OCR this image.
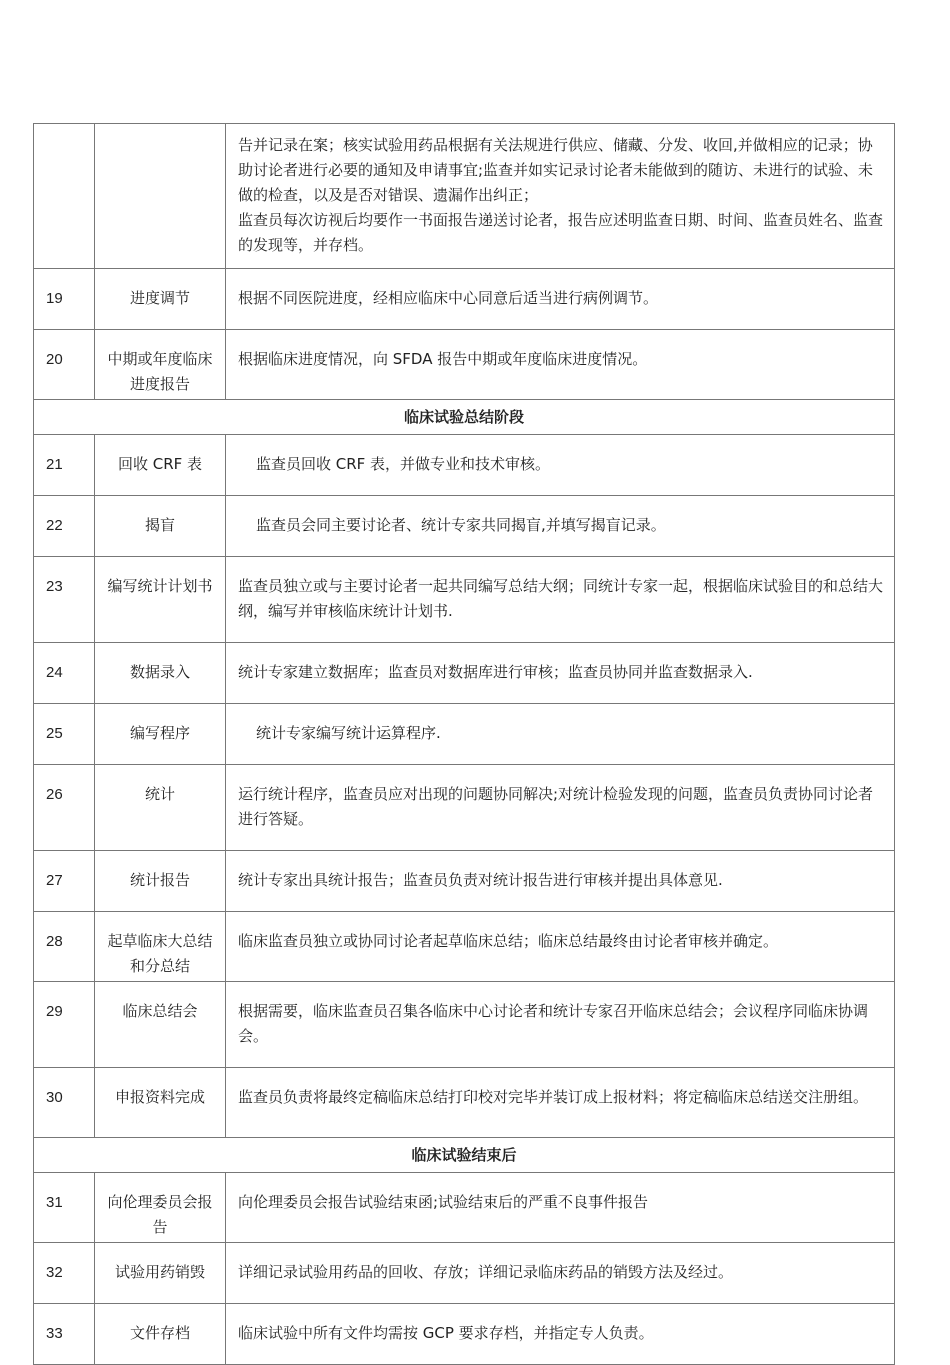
		告并记录在案；核实试验用药品根据有关法规进行供应、储藏、分发、收回,并做相应的记录；协助讨论者进行必要的通知及申请事宜;监查并如实记录讨论者未能做到的随访、未进行的试验、未做的检查，以及是否对错误、遗漏作出纠正；

监查员每次访视后均要作一书面报告递送讨论者，报告应述明监查日期、时间、监查员姓名、监查的发现等，并存档。

19	进度调节	根据不同医院进度，经相应临床中心同意后适当进行病例调节。
20	中期或年度临床进度报告	根据临床进度情况，向 SFDA 报告中期或年度临床进度情况。
临床试验总结阶段		
21	回收 CRF 表	监查员回收 CRF 表，并做专业和技术审核。

22	揭盲	监查员会同主要讨论者、统计专家共同揭盲,并填写揭盲记录。

23	编写统计计划书	监查员独立或与主要讨论者一起共同编写总结大纲；同统计专家一起，根据临床试验目的和总结大纲，编写并审核临床统计计划书.
24	数据录入	统计专家建立数据库；监查员对数据库进行审核；监查员协同并监查数据录入.
25	编写程序	统计专家编写统计运算程序.

26	统计	运行统计程序，监查员应对出现的问题协同解决;对统计检验发现的问题，监查员负责协同讨论者进行答疑。
27	统计报告	统计专家出具统计报告；监查员负责对统计报告进行审核并提出具体意见.
28	起草临床大总结和分总结	临床监查员独立或协同讨论者起草临床总结；临床总结最终由讨论者审核并确定。
29	临床总结会	根据需要，临床监查员召集各临床中心讨论者和统计专家召开临床总结会；会议程序同临床协调会。
30	申报资料完成	监查员负责将最终定稿临床总结打印校对完毕并装订成上报材料；将定稿临床总结送交注册组。
临床试验结束后		
31	向伦理委员会报告	向伦理委员会报告试验结束函;试验结束后的严重不良事件报告
32	试验用药销毁	详细记录试验用药品的回收、存放；详细记录临床药品的销毁方法及经过。
33	文件存档	临床试验中所有文件均需按 GCP 要求存档，并指定专人负责。
